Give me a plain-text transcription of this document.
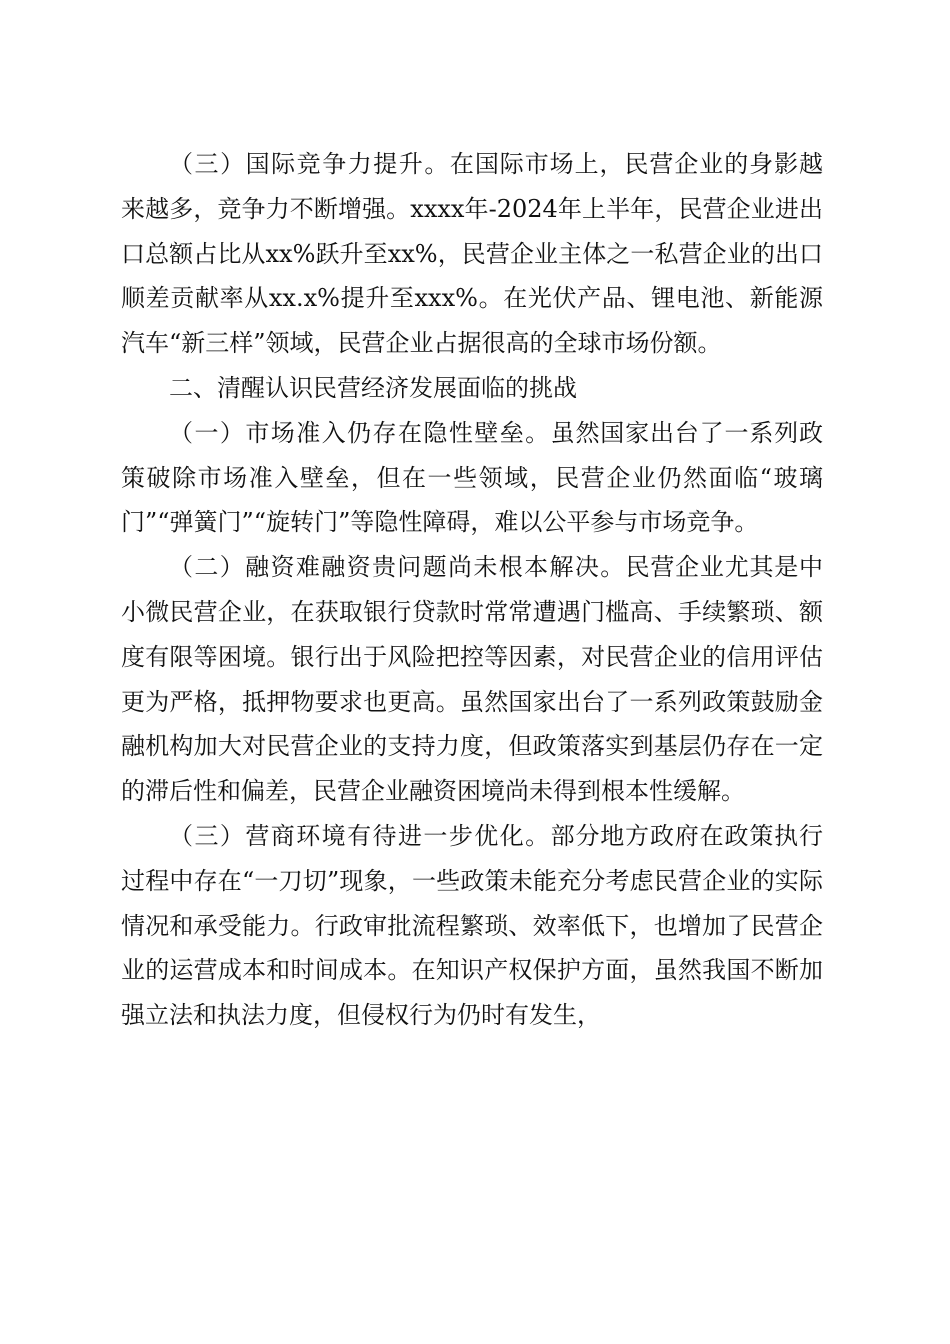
（三）国际竞争力提升。在国际市场上，民营企业的身影越来越多，竞争力不断增强。xxxx年-2024年上半年，民营企业进出口总额占比从xx%跃升至xx%，民营企业主体之一私营企业的出口顺差贡献率从xx.x%提升至xxx%。在光伏产品、锂电池、新能源汽车“新三样”领域，民营企业占据很高的全球市场份额。

二、清醒认识民营经济发展面临的挑战

（一）市场准入仍存在隐性壁垒。虽然国家出台了一系列政策破除市场准入壁垒，但在一些领域，民营企业仍然面临“玻璃门”“弹簧门”“旋转门”等隐性障碍，难以公平参与市场竞争。

（二）融资难融资贵问题尚未根本解决。民营企业尤其是中小微民营企业，在获取银行贷款时常常遭遇门槛高、手续繁琐、额度有限等困境。银行出于风险把控等因素，对民营企业的信用评估更为严格，抵押物要求也更高。虽然国家出台了一系列政策鼓励金融机构加大对民营企业的支持力度，但政策落实到基层仍存在一定的滞后性和偏差，民营企业融资困境尚未得到根本性缓解。

（三）营商环境有待进一步优化。部分地方政府在政策执行过程中存在“一刀切”现象，一些政策未能充分考虑民营企业的实际情况和承受能力。行政审批流程繁琐、效率低下，也增加了民营企业的运营成本和时间成本。在知识产权保护方面，虽然我国不断加强立法和执法力度，但侵权行为仍时有发生，
